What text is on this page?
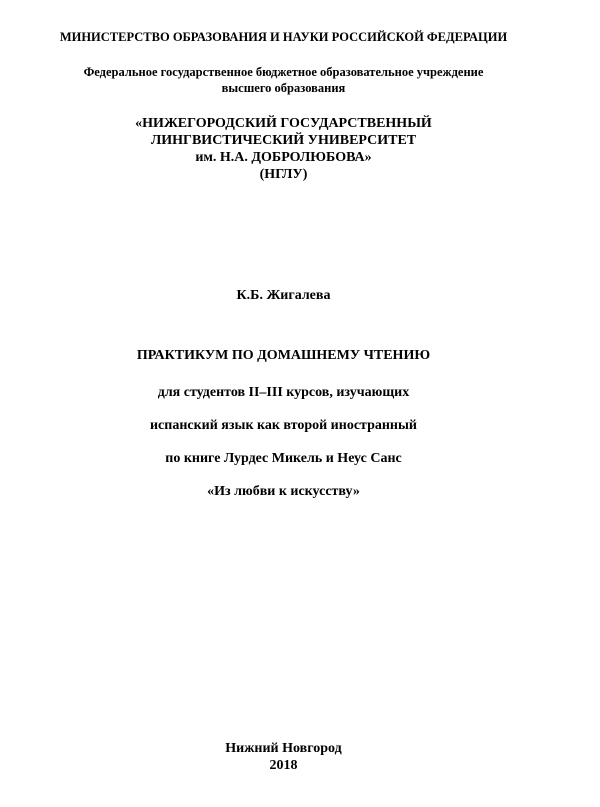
МИНИСТЕРСТВО ОБРАЗОВАНИЯ И НАУКИ РОССИЙСКОЙ ФЕДЕРАЦИИ
Федеральное государственное бюджетное образовательное учреждение
высшего образования
«НИЖЕГОРОДСКИЙ ГОСУДАРСТВЕННЫЙ
ЛИНГВИСТИЧЕСКИЙ УНИВЕРСИТЕТ
им. Н.А. ДОБРОЛЮБОВА»
(НГЛУ)
К.Б. Жигалева
ПРАКТИКУМ ПО ДОМАШНЕМУ ЧТЕНИЮ
для студентов II–III курсов, изучающих
испанский язык как второй иностранный
по книге Лурдес Микель и Неус Санс
«Из любви к искусству»
Нижний Новгород
2018
